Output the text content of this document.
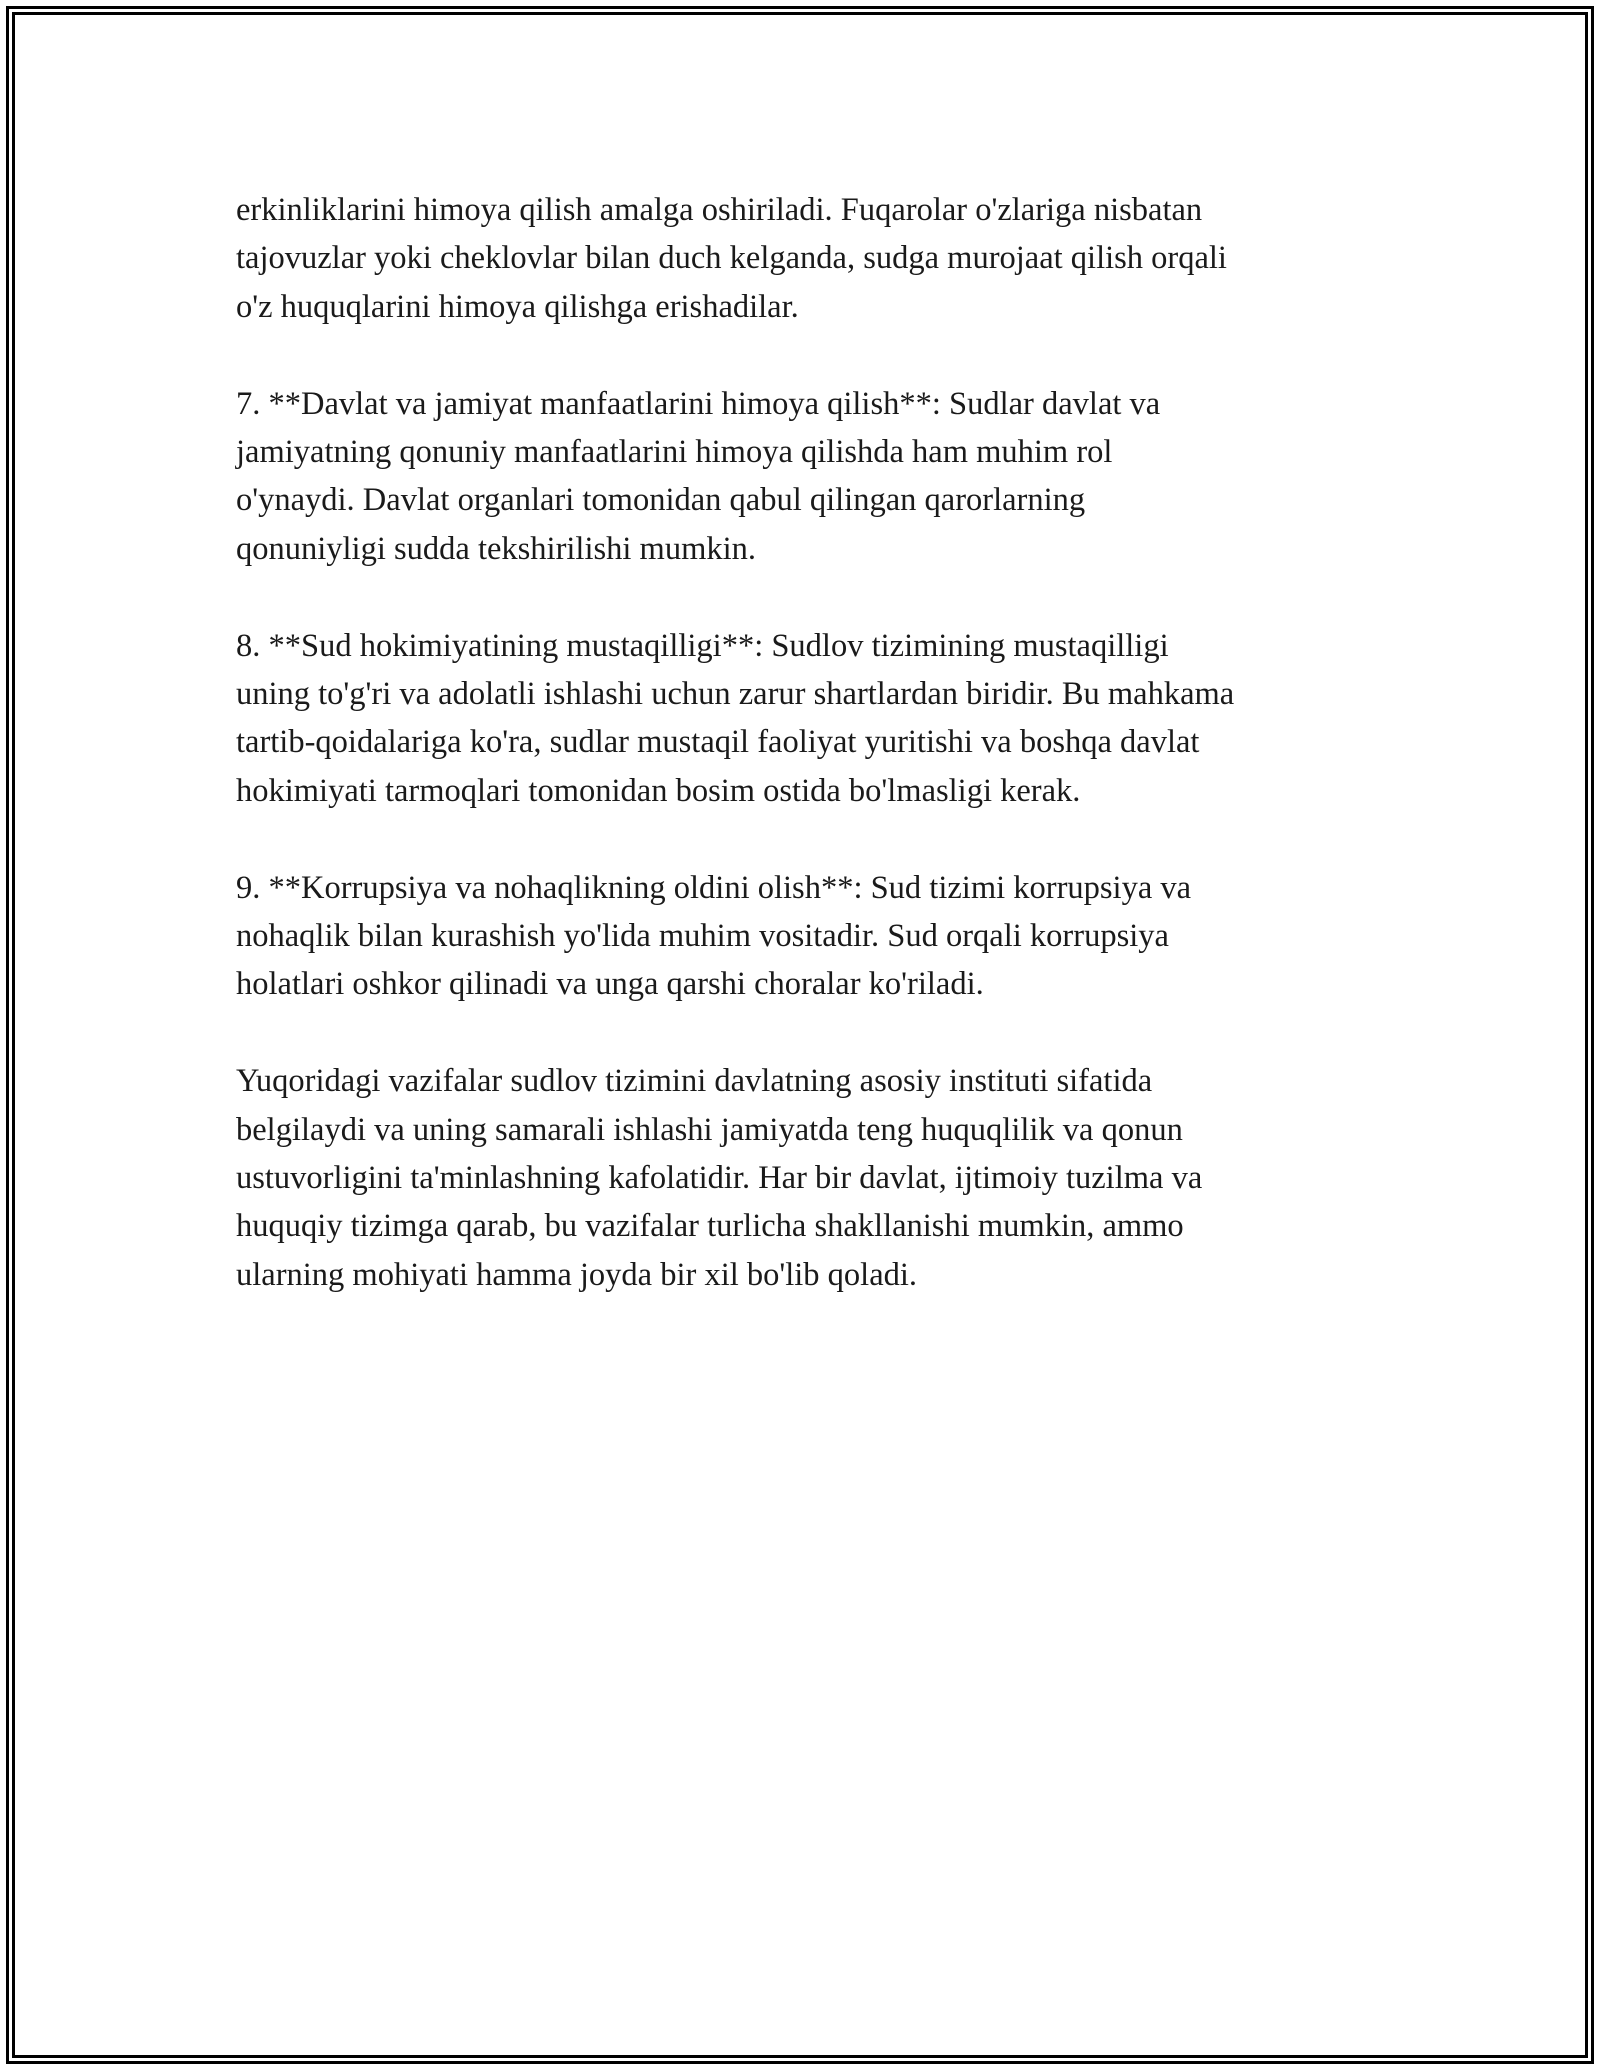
erkinliklarini himoya qilish amalga oshiriladi. Fuqarolar o'zlariga nisbatan
tajovuzlar yoki cheklovlar bilan duch kelganda, sudga murojaat qilish orqali
o'z huquqlarini himoya qilishga erishadilar.

7. **Davlat va jamiyat manfaatlarini himoya qilish**: Sudlar davlat va
jamiyatning qonuniy manfaatlarini himoya qilishda ham muhim rol
o'ynaydi. Davlat organlari tomonidan qabul qilingan qarorlarning
qonuniyligi sudda tekshirilishi mumkin.

8. **Sud hokimiyatining mustaqilligi**: Sudlov tizimining mustaqilligi
uning to'g'ri va adolatli ishlashi uchun zarur shartlardan biridir. Bu mahkama
tartib-qoidalariga ko'ra, sudlar mustaqil faoliyat yuritishi va boshqa davlat
hokimiyati tarmoqlari tomonidan bosim ostida bo'lmasligi kerak.

9. **Korrupsiya va nohaqlikning oldini olish**: Sud tizimi korrupsiya va
nohaqlik bilan kurashish yo'lida muhim vositadir. Sud orqali korrupsiya
holatlari oshkor qilinadi va unga qarshi choralar ko'riladi.

Yuqoridagi vazifalar sudlov tizimini davlatning asosiy instituti sifatida
belgilaydi va uning samarali ishlashi jamiyatda teng huquqlilik va qonun
ustuvorligini ta'minlashning kafolatidir. Har bir davlat, ijtimoiy tuzilma va
huquqiy tizimga qarab, bu vazifalar turlicha shakllanishi mumkin, ammo
ularning mohiyati hamma joyda bir xil bo'lib qoladi.
